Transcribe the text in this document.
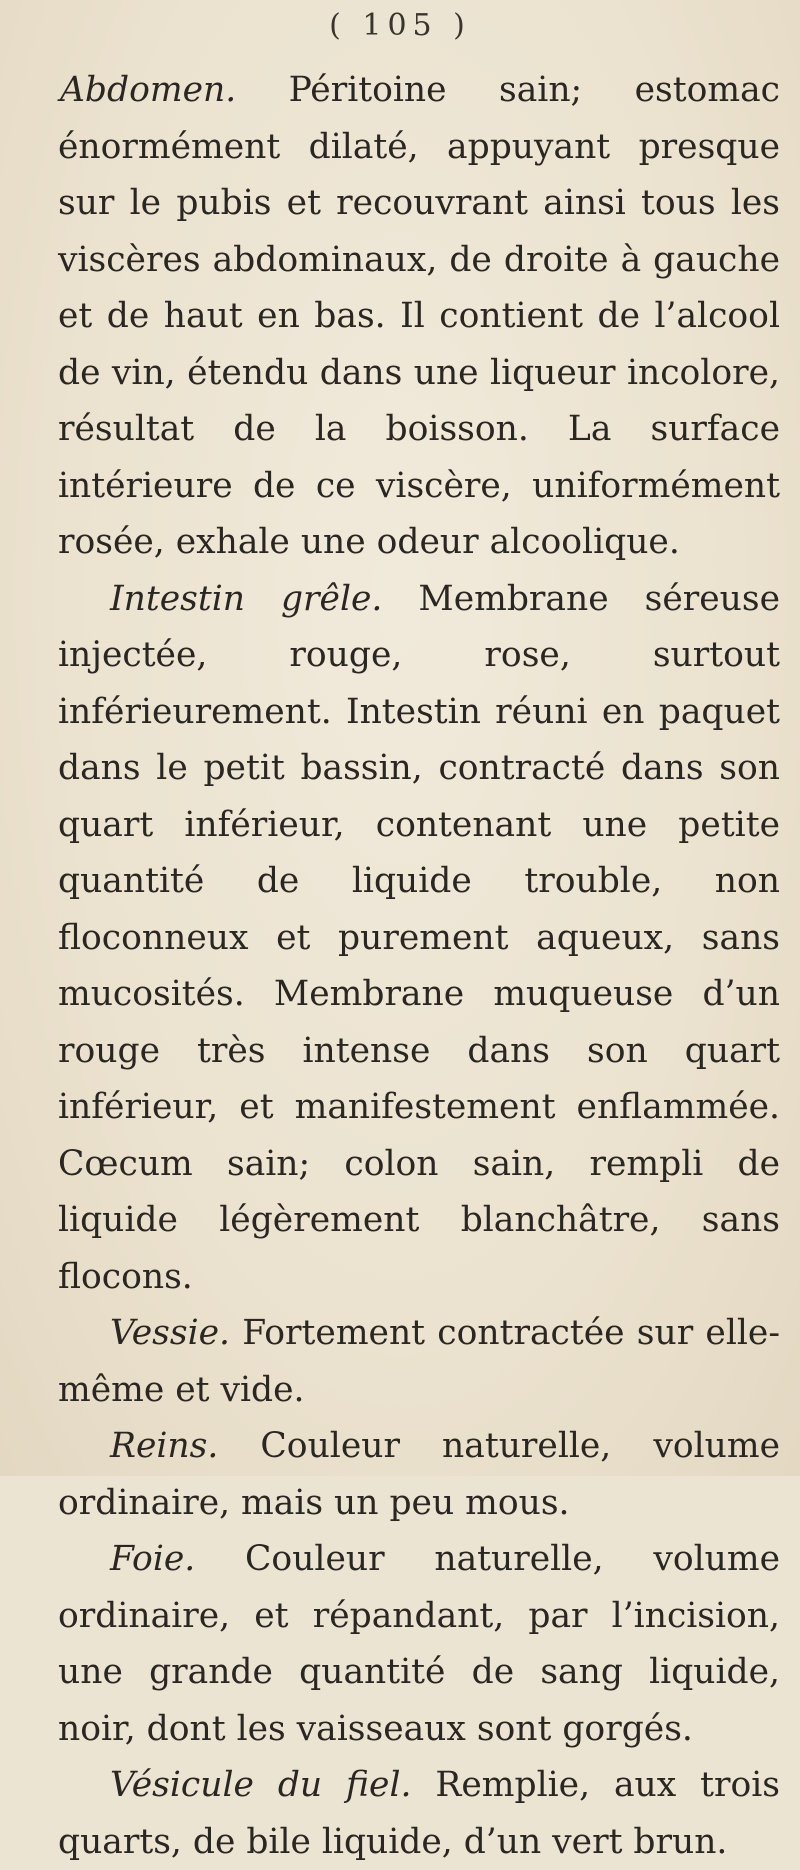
( 105 )

Abdomen. Péritoine sain; estomac énormément dilaté, appuyant presque sur le pubis et recouvrant ainsi tous les viscères abdominaux, de droite à gauche et de haut en bas. Il contient de l’alcool de vin, étendu dans une liqueur incolore, résultat de la boisson. La surface intérieure de ce viscère, uniformément rosée, exhale une odeur alcoolique.

Intestin grêle. Membrane séreuse injectée, rouge, rose, surtout inférieurement. Intestin réuni en paquet dans le petit bassin, contracté dans son quart inférieur, contenant une petite quantité de liquide trouble, non floconneux et purement aqueux, sans mucosités. Membrane muqueuse d’un rouge très intense dans son quart inférieur, et manifestement enflammée. Cœcum sain; colon sain, rempli de liquide légèrement blanchâtre, sans flocons.

Vessie. Fortement contractée sur elle-même et vide.

Reins. Couleur naturelle, volume ordinaire, mais un peu mous.

Foie. Couleur naturelle, volume ordinaire, et répandant, par l’incision, une grande quantité de sang liquide, noir, dont les vaisseaux sont gorgés.

Vésicule du fiel. Remplie, aux trois quarts, de bile liquide, d’un vert brun.
